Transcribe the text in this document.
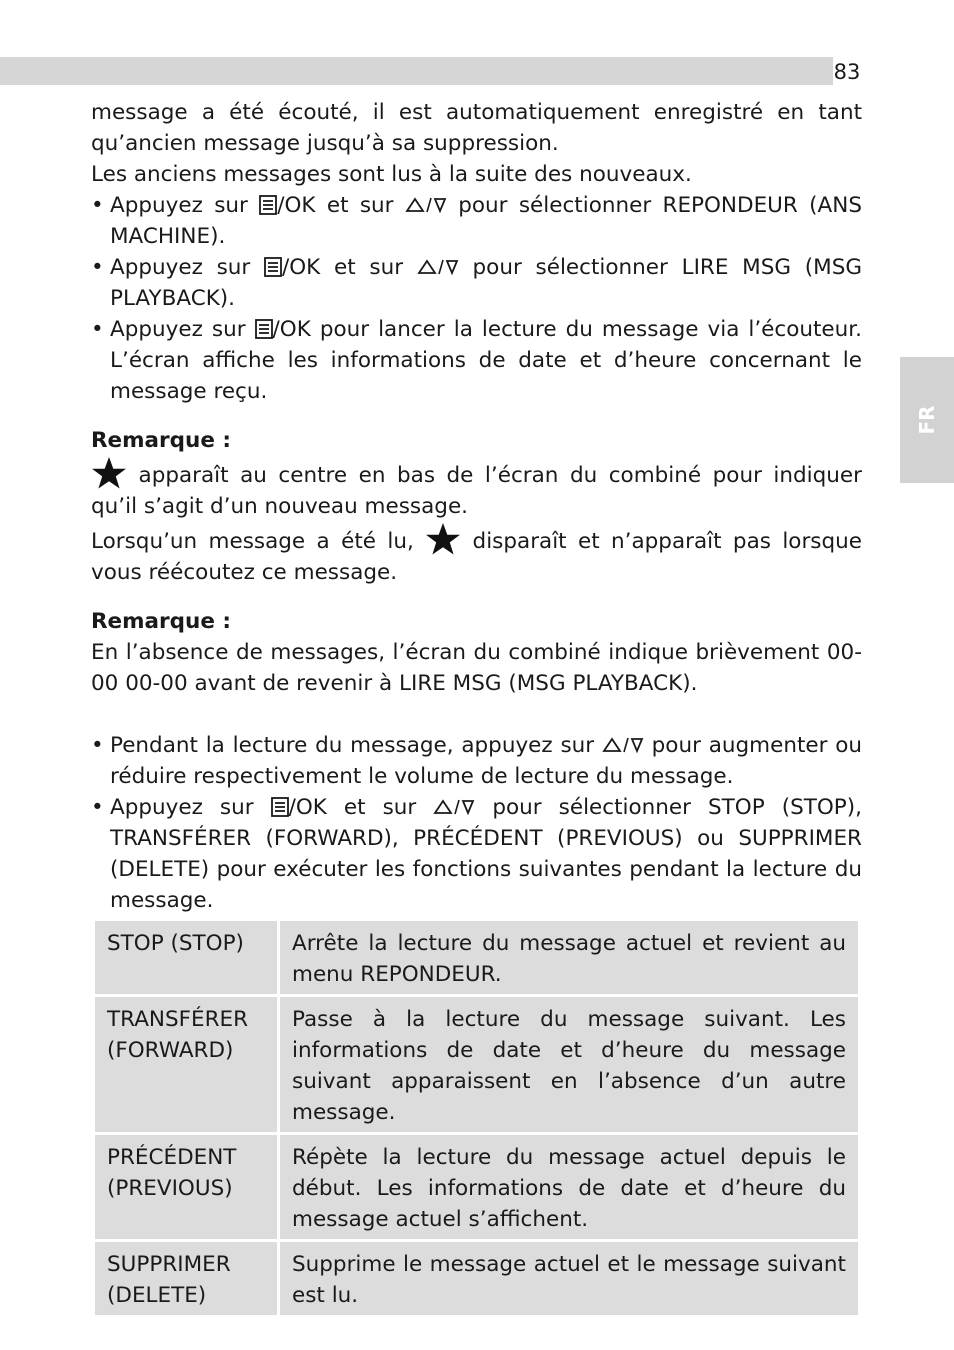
83
FR

message a été écouté, il est automatiquement enregistré en tant qu’ancien message jusqu’à sa suppression.

Les anciens messages sont lus à la suite des nouveaux.

• Appuyez sur /OK et sur  pour sélectionner REPONDEUR (ANS MACHINE).

• Appuyez sur /OK et sur  pour sélectionner LIRE MSG (MSG PLAYBACK).

• Appuyez sur /OK pour lancer la lecture du message via l’écouteur. L’écran affiche les informations de date et d’heure concernant le message reçu.

Remarque :

apparaît au centre en bas de l’écran du combiné pour indiquer qu’il s’agit d’un nouveau message.

Lorsqu’un message a été lu,  disparaît et n’apparaît pas lorsque vous réécoutez ce message.

Remarque :

En l’absence de messages, l’écran du combiné indique brièvement 00-00 00-00 avant de revenir à LIRE MSG (MSG PLAYBACK).

• Pendant la lecture du message, appuyez sur  pour augmenter ou réduire respectivement le volume de lecture du message.

• Appuyez sur /OK et sur  pour sélectionner STOP (STOP), TRANSFÉRER (FORWARD), PRÉCÉDENT (PREVIOUS) ou SUPPRIMER (DELETE) pour exécuter les fonctions suivantes pendant la lecture du message.

STOP (STOP)	Arrête la lecture du message actuel et revient au menu REPONDEUR.
TRANSFÉRER (FORWARD)	Passe à la lecture du message suivant. Les informations de date et d’heure du message suivant apparaissent en l’absence d’un autre message.
PRÉCÉDENT (PREVIOUS)	Répète la lecture du message actuel depuis le début. Les informations de date et d’heure du message actuel s’affichent.
SUPPRIMER (DELETE)	Supprime le message actuel et le message suivant est lu.
